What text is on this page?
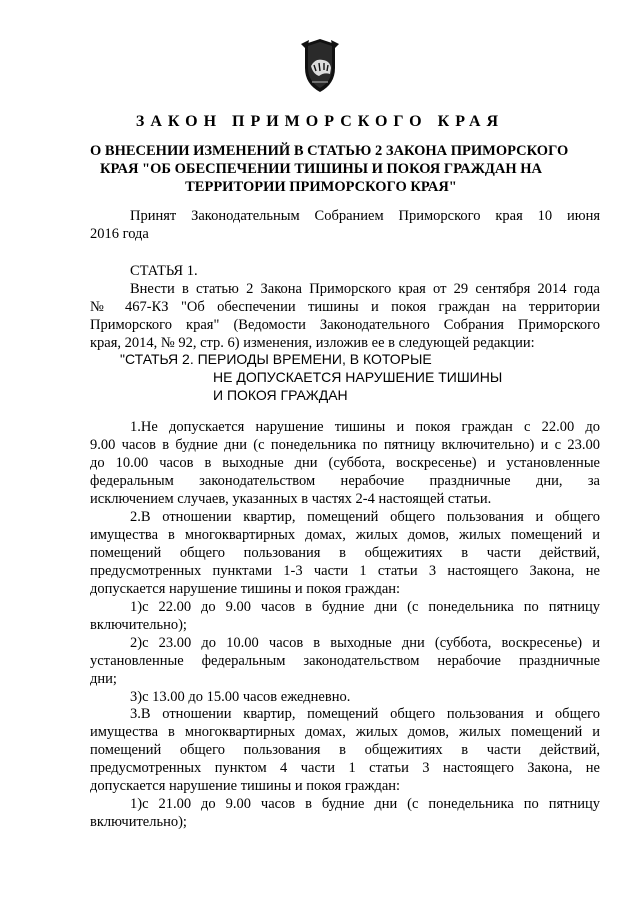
ЗАКОН ПРИМОРСКОГО КРАЯ
О ВНЕСЕНИИ ИЗМЕНЕНИЙ В СТАТЬЮ 2 ЗАКОНА ПРИМОРСКОГО
КРАЯ "ОБ ОБЕСПЕЧЕНИИ ТИШИНЫ И ПОКОЯ ГРАЖДАН НА
ТЕРРИТОРИИ ПРИМОРСКОГО КРАЯ"
Принят Законодательным Собранием Приморского края 10 июня
2016 года
СТАТЬЯ 1.
Внести в статью 2 Закона Приморского края от 29 сентября 2014 года
№ 467-КЗ "Об обеспечении тишины и покоя граждан на территории
Приморского края" (Ведомости Законодательного Собрания Приморского
края, 2014, № 92, стр. 6) изменения, изложив ее в следующей редакции:
"СТАТЬЯ 2. ПЕРИОДЫ ВРЕМЕНИ, В КОТОРЫЕ
НЕ ДОПУСКАЕТСЯ НАРУШЕНИЕ ТИШИНЫ
И ПОКОЯ ГРАЖДАН
1.Не допускается нарушение тишины и покоя граждан с 22.00 до
9.00 часов в будние дни (с понедельника по пятницу включительно) и с 23.00
до 10.00 часов в выходные дни (суббота, воскресенье) и установленные
федеральным законодательством нерабочие праздничные дни, за
исключением случаев, указанных в частях 2-4 настоящей статьи.
2.В отношении квартир, помещений общего пользования и общего
имущества в многоквартирных домах, жилых домов, жилых помещений и
помещений общего пользования в общежитиях в части действий,
предусмотренных пунктами 1-3 части 1 статьи 3 настоящего Закона, не
допускается нарушение тишины и покоя граждан:
1)с 22.00 до 9.00 часов в будние дни (с понедельника по пятницу
включительно);
2)с 23.00 до 10.00 часов в выходные дни (суббота, воскресенье) и
установленные федеральным законодательством нерабочие праздничные
дни;
3)с 13.00 до 15.00 часов ежедневно.
3.В отношении квартир, помещений общего пользования и общего
имущества в многоквартирных домах, жилых домов, жилых помещений и
помещений общего пользования в общежитиях в части действий,
предусмотренных пунктом 4 части 1 статьи 3 настоящего Закона, не
допускается нарушение тишины и покоя граждан:
1)с 21.00 до 9.00 часов в будние дни (с понедельника по пятницу
включительно);
